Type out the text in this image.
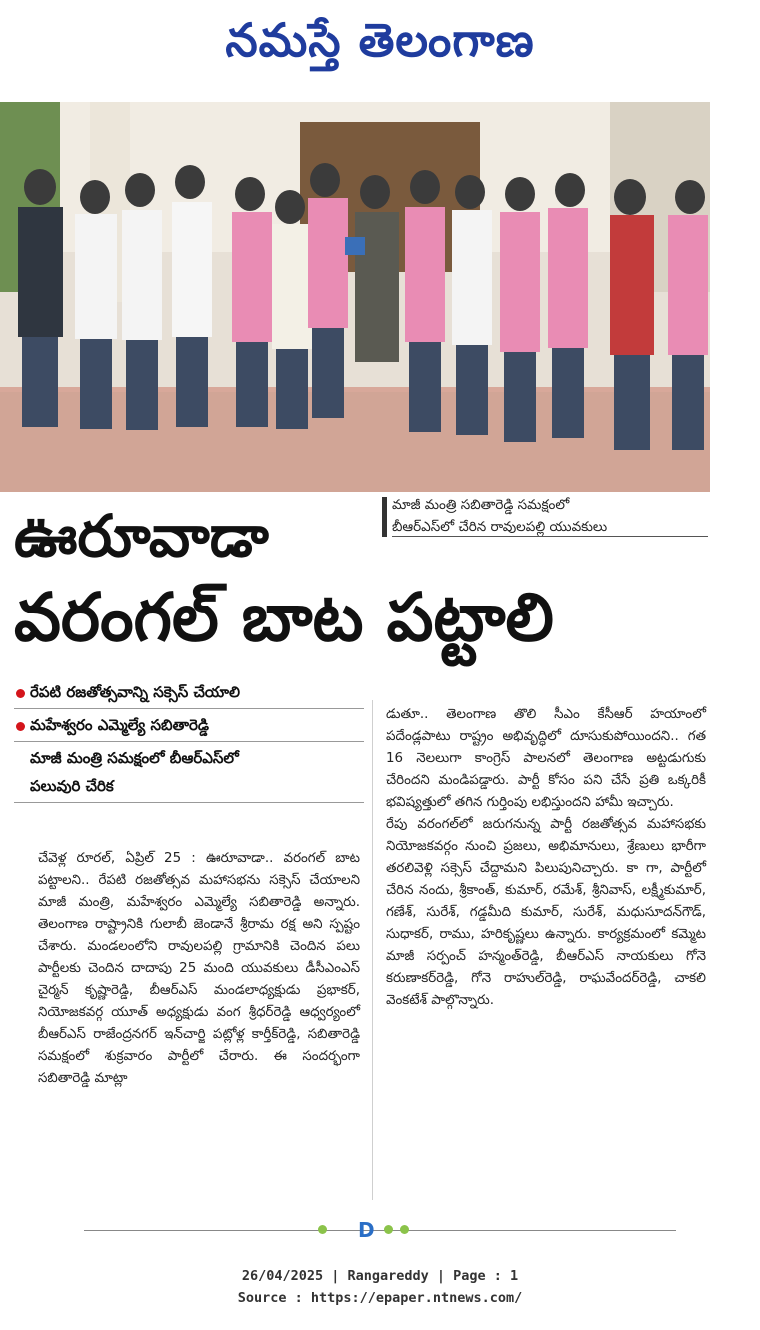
నమస్తే తెలంగాణ
మాజీ మంత్రి సబితారెడ్డి సమక్షంలో
బీఆర్ఎస్‌లో చేరిన రావులపల్లి యువకులు
ఊరూవాడా
వరంగల్ బాట పట్టాలి
రేపటి రజతోత్సవాన్ని సక్సెస్ చేయాలి
మహేశ్వరం ఎమ్మెల్యే సబితారెడ్డి
మాజీ మంత్రి సమక్షంలో బీఆర్ఎస్‌లో
పలువురి చేరిక

చేవెళ్ల రూరల్, ఏప్రిల్ 25 : ఊరూవాడా.. వరంగల్ బాట పట్టాలని.. రేపటి రజతోత్సవ మహాసభను సక్సెస్ చేయాలని మాజీ మంత్రి, మహేశ్వరం ఎమ్మెల్యే సబితారెడ్డి అన్నారు. తెలంగాణ రాష్ట్రానికి గులాబీ జెండానే శ్రీరామ రక్ష అని స్పష్టం చేశారు. మండలంలోని రావులపల్లి గ్రామానికి చెందిన పలు పార్టీలకు చెందిన దాదాపు 25 మంది యువకులు డీసీఎంఎస్ చైర్మన్ కృష్ణారెడ్డి, బీఆర్ఎస్ మండలాధ్యక్షుడు ప్రభాకర్, నియోజకవర్గ యూత్ అధ్యక్షుడు వంగ శ్రీధర్‌రెడ్డి ఆధ్వర్యంలో బీఆర్ఎస్ రాజేంద్రనగర్ ఇన్‌చార్జి పట్లోళ్ల కార్తీక్‌రెడ్డి, సబితారెడ్డి సమక్షంలో శుక్రవారం పార్టీలో చేరారు. ఈ సందర్భంగా సబితారెడ్డి మాట్లా

డుతూ.. తెలంగాణ తొలి సీఎం కేసీఆర్ హయాంలో పదేండ్లపాటు రాష్ట్రం అభివృద్ధిలో దూసుకుపోయిందని.. గత 16 నెలలుగా కాంగ్రెస్ పాలనలో తెలంగాణ అట్టడుగుకు చేరిందని మండిపడ్డారు. పార్టీ కోసం పని చేసే ప్రతి ఒక్కరికీ భవిష్యత్తులో తగిన గుర్తింపు లభిస్తుందని హామీ ఇచ్చారు.

రేపు వరంగల్‌లో జరుగనున్న పార్టీ రజతోత్సవ మహాసభకు నియోజకవర్గం నుంచి ప్రజలు, అభిమానులు, శ్రేణులు భారీగా తరలివెళ్లి సక్సెస్ చేద్దామని పిలుపునిచ్చారు. కా గా, పార్టీలో చేరిన నందు, శ్రీకాంత్, కుమార్, రమేశ్, శ్రీనివాస్, లక్ష్మీకుమార్, గణేశ్, సురేశ్, గడ్డమీది కుమార్, సురేశ్, మధుసూదన్‌గౌడ్, సుధాకర్, రాము, హరికృష్ణలు ఉన్నారు. కార్యక్రమంలో కమ్మెట మాజీ సర్పంచ్ హన్మంత్‌రెడ్డి, బీఆర్ఎస్ నాయకులు గోనె కరుణాకర్‌రెడ్డి, గోనె రాహుల్‌రెడ్డి, రాఘవేందర్‌రెడ్డి, చాకలి వెంకటేశ్ పాల్గొన్నారు.

D
26/04/2025 | Rangareddy | Page : 1
Source : https://epaper.ntnews.com/
